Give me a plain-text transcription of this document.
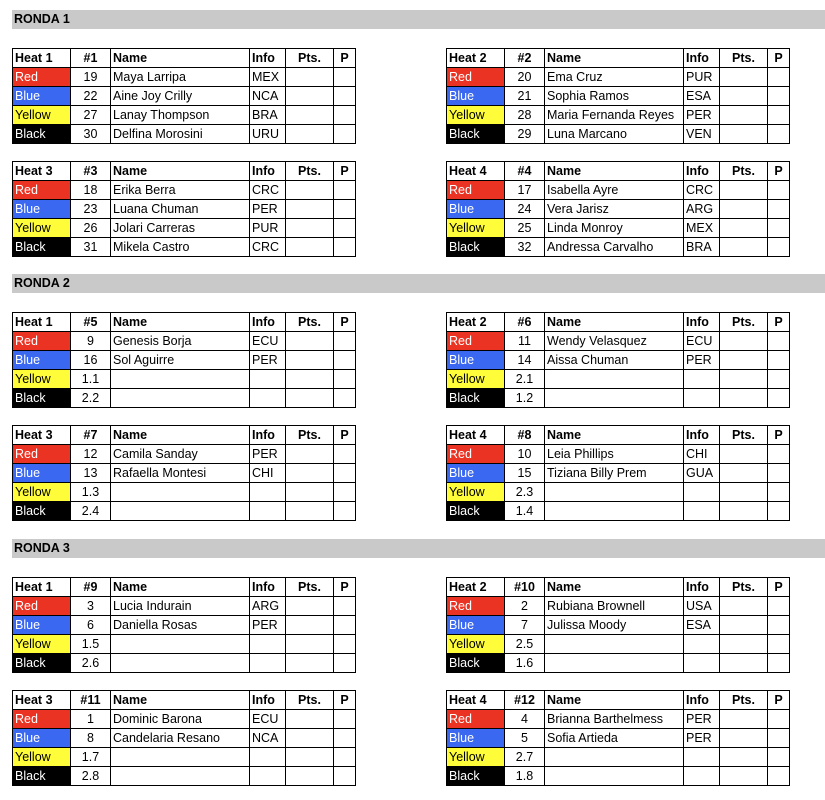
RONDA 1
Heat 1	#1	Name	Info	Pts.	P
Red	19	Maya Larripa	MEX		
Blue	22	Aine Joy Crilly	NCA		
Yellow	27	Lanay Thompson	BRA		
Black	30	Delfina Morosini	URU		
Heat 2	#2	Name	Info	Pts.	P
Red	20	Ema Cruz	PUR		
Blue	21	Sophia Ramos	ESA		
Yellow	28	Maria Fernanda Reyes	PER		
Black	29	Luna Marcano	VEN		
Heat 3	#3	Name	Info	Pts.	P
Red	18	Erika Berra	CRC		
Blue	23	Luana Chuman	PER		
Yellow	26	Jolari Carreras	PUR		
Black	31	Mikela Castro	CRC		
Heat 4	#4	Name	Info	Pts.	P
Red	17	Isabella Ayre	CRC		
Blue	24	Vera Jarisz	ARG		
Yellow	25	Linda Monroy	MEX		
Black	32	Andressa Carvalho	BRA		
RONDA 2
Heat 1	#5	Name	Info	Pts.	P
Red	9	Genesis Borja	ECU		
Blue	16	Sol Aguirre	PER		
Yellow	1.1				
Black	2.2				
Heat 2	#6	Name	Info	Pts.	P
Red	11	Wendy Velasquez	ECU		
Blue	14	Aissa Chuman	PER		
Yellow	2.1				
Black	1.2				
Heat 3	#7	Name	Info	Pts.	P
Red	12	Camila Sanday	PER		
Blue	13	Rafaella Montesi	CHI		
Yellow	1.3				
Black	2.4				
Heat 4	#8	Name	Info	Pts.	P
Red	10	Leia Phillips	CHI		
Blue	15	Tiziana Billy Prem	GUA		
Yellow	2.3				
Black	1.4				
RONDA 3
Heat 1	#9	Name	Info	Pts.	P
Red	3	Lucia Indurain	ARG		
Blue	6	Daniella Rosas	PER		
Yellow	1.5				
Black	2.6				
Heat 2	#10	Name	Info	Pts.	P
Red	2	Rubiana Brownell	USA		
Blue	7	Julissa Moody	ESA		
Yellow	2.5				
Black	1.6				
Heat 3	#11	Name	Info	Pts.	P
Red	1	Dominic Barona	ECU		
Blue	8	Candelaria Resano	NCA		
Yellow	1.7				
Black	2.8				
Heat 4	#12	Name	Info	Pts.	P
Red	4	Brianna Barthelmess	PER		
Blue	5	Sofia Artieda	PER		
Yellow	2.7				
Black	1.8				
